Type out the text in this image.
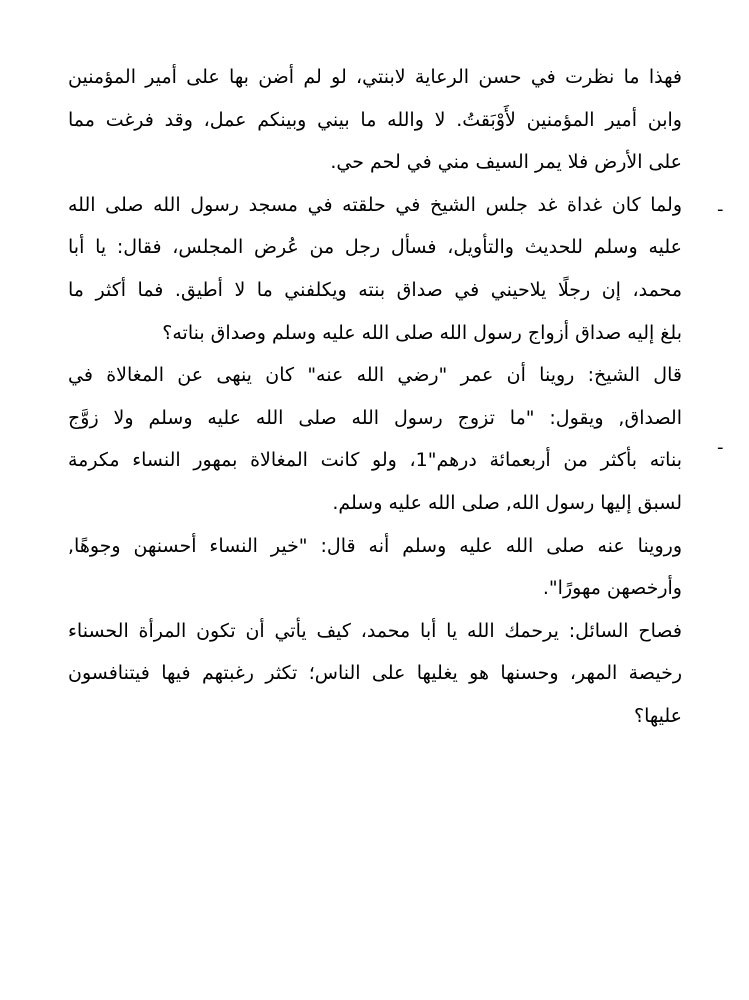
فهذا ما نظرت في حسن الرعاية لابنتي، لو لم أضن بها على أمير المؤمنين
وابن أمير المؤمنين لأَوْبَقتُ. لا والله ما بيني وبينكم عمل، وقد فرغت مما
على الأرض فلا يمر السيف مني في لحم حي.
ولما كان غداة غد جلس الشيخ في حلقته في مسجد رسول الله صلى الله
عليه وسلم للحديث والتأويل، فسأل رجل من عُرض المجلس، فقال: يا أبا
محمد، إن رجلًا يلاحيني في صداق بنته ويكلفني ما لا أطيق. فما أكثر ما
بلغ إليه صداق أزواج رسول الله صلى الله عليه وسلم وصداق بناته؟
قال الشيخ: روينا أن عمر "رضي الله عنه" كان ينهى عن المغالاة في
الصداق, ويقول: "ما تزوج رسول الله صلى الله عليه وسلم ولا زوَّج
بناته بأكثر من أربعمائة درهم"1، ولو كانت المغالاة بمهور النساء مكرمة
لسبق إليها رسول الله, صلى الله عليه وسلم.
وروينا عنه صلى الله عليه وسلم أنه قال: "خير النساء أحسنهن وجوهًا,
وأرخصهن مهورًا".
فصاح السائل: يرحمك الله يا أبا محمد، كيف يأتي أن تكون المرأة الحسناء
رخيصة المهر، وحسنها هو يغليها على الناس؛ تكثر رغبتهم فيها فيتنافسون
عليها؟
-
-
